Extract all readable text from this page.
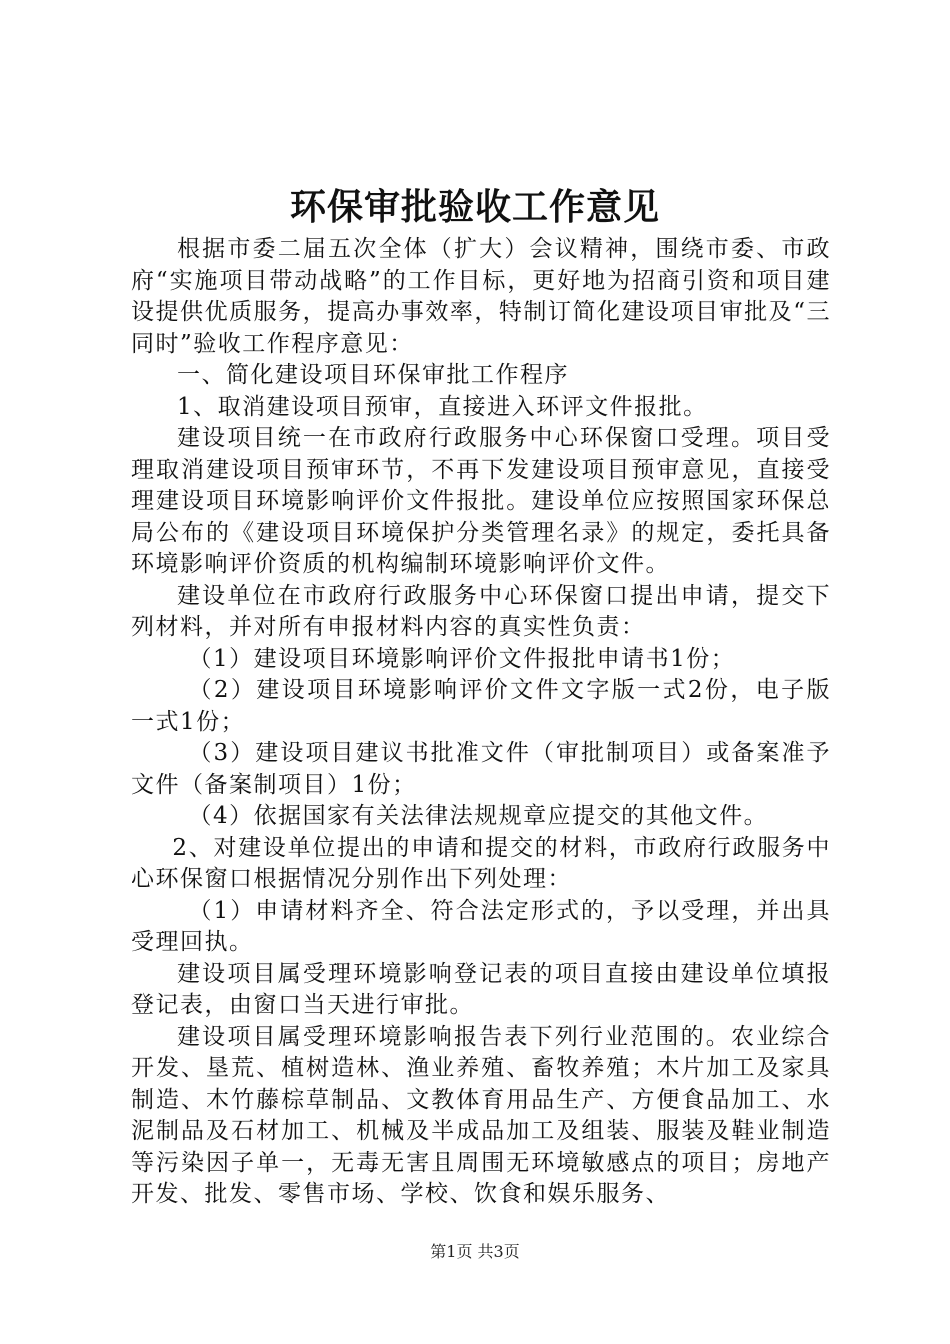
环保审批验收工作意见

根据市委二届五次全体（扩大）会议精神，围绕市委、市政府“实施项目带动战略”的工作目标，更好地为招商引资和项目建设提供优质服务，提高办事效率，特制订简化建设项目审批及“三同时”验收工作程序意见：

一、简化建设项目环保审批工作程序

1、取消建设项目预审，直接进入环评文件报批。

建设项目统一在市政府行政服务中心环保窗口受理。项目受理取消建设项目预审环节，不再下发建设项目预审意见，直接受理建设项目环境影响评价文件报批。建设单位应按照国家环保总局公布的《建设项目环境保护分类管理名录》的规定，委托具备环境影响评价资质的机构编制环境影响评价文件。

建设单位在市政府行政服务中心环保窗口提出申请，提交下列材料，并对所有申报材料内容的真实性负责：

（1）建设项目环境影响评价文件报批申请书1份；

（2）建设项目环境影响评价文件文字版一式2份，电子版一式1份；

（3）建设项目建议书批准文件（审批制项目）或备案准予文件（备案制项目）1份；

（4）依据国家有关法律法规规章应提交的其他文件。

2、对建设单位提出的申请和提交的材料，市政府行政服务中心环保窗口根据情况分别作出下列处理：

（1）申请材料齐全、符合法定形式的，予以受理，并出具受理回执。

建设项目属受理环境影响登记表的项目直接由建设单位填报登记表，由窗口当天进行审批。

建设项目属受理环境影响报告表下列行业范围的。农业综合开发、垦荒、植树造林、渔业养殖、畜牧养殖；木片加工及家具制造、木竹藤棕草制品、文教体育用品生产、方便食品加工、水泥制品及石材加工、机械及半成品加工及组装、服装及鞋业制造等污染因子单一，无毒无害且周围无环境敏感点的项目；房地产开发、批发、零售市场、学校、饮食和娱乐服务、

第1页 共3页
